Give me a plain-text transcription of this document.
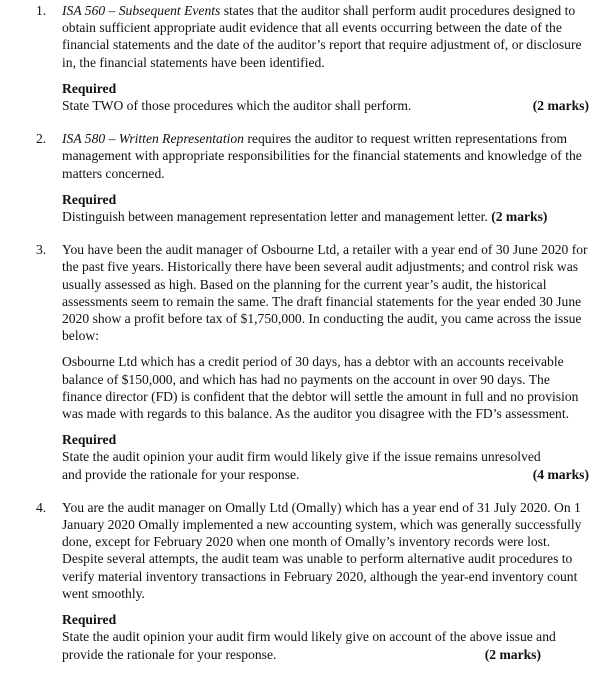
1. ISA 560 – Subsequent Events states that the auditor shall perform audit procedures designed to obtain sufficient appropriate audit evidence that all events occurring between the date of the financial statements and the date of the auditor’s report that require adjustment of, or disclosure in, the financial statements have been identified.

Required
State TWO of those procedures which the auditor shall perform.	(2 marks)
2. ISA 580 – Written Representation requires the auditor to request written representations from management with appropriate responsibilities for the financial statements and knowledge of the matters concerned.

Required
Distinguish between management representation letter and management letter. (2 marks)
3. You have been the audit manager of Osbourne Ltd, a retailer with a year end of 30 June 2020 for the past five years. Historically there have been several audit adjustments; and control risk was usually assessed as high. Based on the planning for the current year’s audit, the historical assessments seem to remain the same. The draft financial statements for the year ended 30 June 2020 show a profit before tax of $1,750,000. In conducting the audit, you came across the issue below:

Osbourne Ltd which has a credit period of 30 days, has a debtor with an accounts receivable balance of $150,000, and which has had no payments on the account in over 90 days. The finance director (FD) is confident that the debtor will settle the amount in full and no provision was made with regards to this balance. As the auditor you disagree with the FD’s assessment.

Required
State the audit opinion your audit firm would likely give if the issue remains unresolved
and provide the rationale for your response.	(4 marks)
4. You are the audit manager on Omally Ltd (Omally) which has a year end of 31 July 2020. On 1 January 2020 Omally implemented a new accounting system, which was generally successfully done, except for February 2020 when one month of Omally’s inventory records were lost. Despite several attempts, the audit team was unable to perform alternative audit procedures to verify material inventory transactions in February 2020, although the year-end inventory count went smoothly.

Required
State the audit opinion your audit firm would likely give on account of the above issue and
provide the rationale for your response.	(2 marks)
